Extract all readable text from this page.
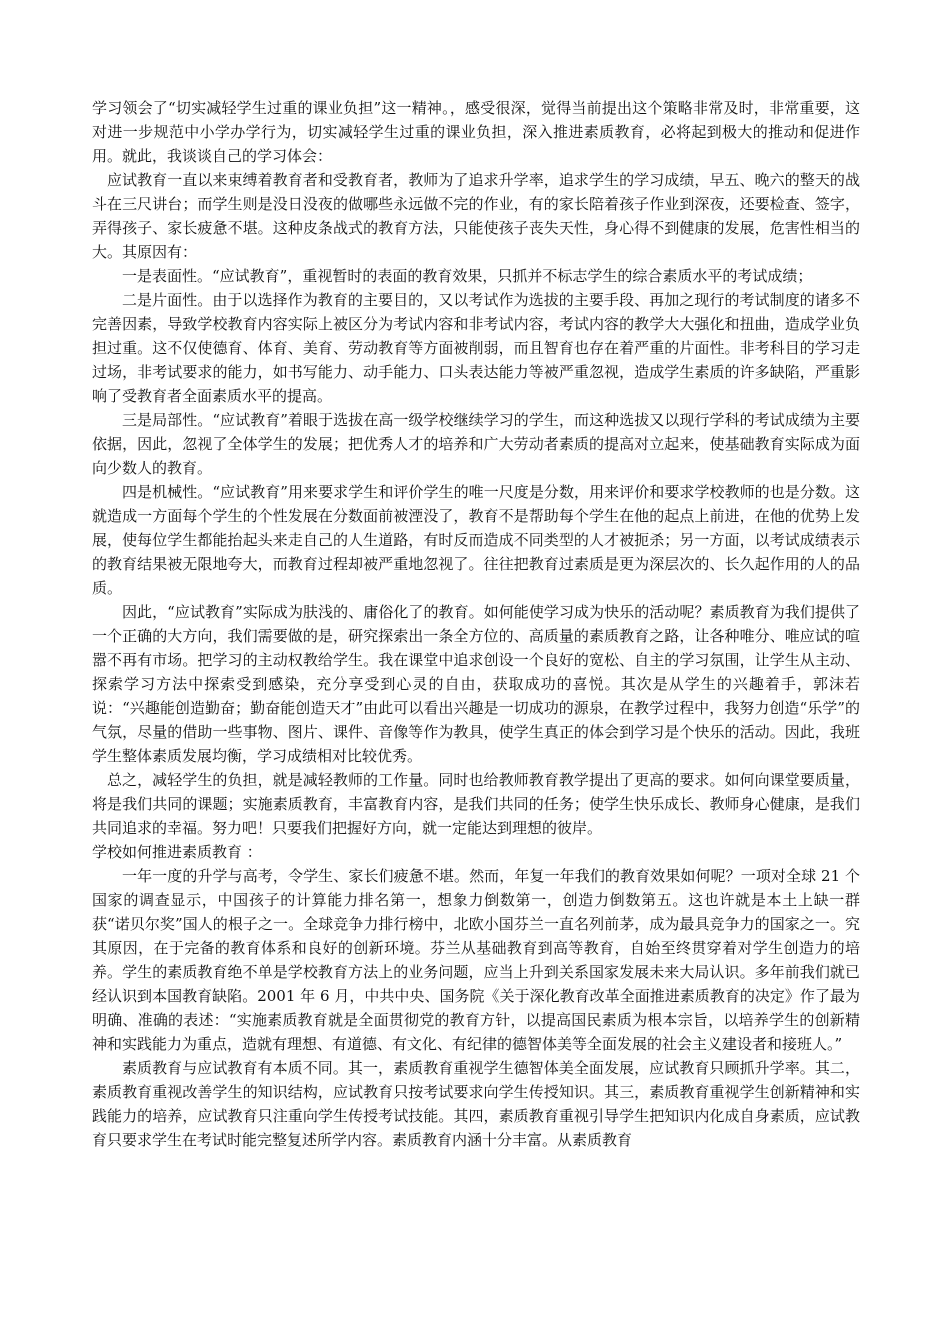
学习领会了“切实减轻学生过重的课业负担”这一精神。，感受很深，觉得当前提出这个策略非常及时，非常重要，这对进一步规范中小学办学行为，切实减轻学生过重的课业负担，深入推进素质教育，必将起到极大的推动和促进作用。就此，我谈谈自己的学习体会：

应试教育一直以来束缚着教育者和受教育者，教师为了追求升学率，追求学生的学习成绩，早五、晚六的整天的战斗在三尺讲台；而学生则是没日没夜的做哪些永远做不完的作业，有的家长陪着孩子作业到深夜，还要检查、签字，弄得孩子、家长疲惫不堪。这种皮条战式的教育方法，只能使孩子丧失天性，身心得不到健康的发展，危害性相当的大。其原因有：

一是表面性。“应试教育”，重视暂时的表面的教育效果，只抓并不标志学生的综合素质水平的考试成绩；

二是片面性。由于以选择作为教育的主要目的，又以考试作为选拔的主要手段、再加之现行的考试制度的诸多不完善因素，导致学校教育内容实际上被区分为考试内容和非考试内容，考试内容的教学大大强化和扭曲，造成学业负担过重。这不仅使德育、体育、美育、劳动教育等方面被削弱，而且智育也存在着严重的片面性。非考科目的学习走过场，非考试要求的能力，如书写能力、动手能力、口头表达能力等被严重忽视，造成学生素质的许多缺陷，严重影响了受教育者全面素质水平的提高。

三是局部性。“应试教育”着眼于选拔在高一级学校继续学习的学生，而这种选拔又以现行学科的考试成绩为主要依据，因此，忽视了全体学生的发展；把优秀人才的培养和广大劳动者素质的提高对立起来，使基础教育实际成为面向少数人的教育。

四是机械性。“应试教育”用来要求学生和评价学生的唯一尺度是分数，用来评价和要求学校教师的也是分数。这就造成一方面每个学生的个性发展在分数面前被湮没了，教育不是帮助每个学生在他的起点上前进，在他的优势上发展，使每位学生都能抬起头来走自己的人生道路，有时反而造成不同类型的人才被扼杀；另一方面，以考试成绩表示的教育结果被无限地夸大，而教育过程却被严重地忽视了。往往把教育过素质是更为深层次的、长久起作用的人的品质。

因此，“应试教育”实际成为肤浅的、庸俗化了的教育。如何能使学习成为快乐的活动呢？素质教育为我们提供了一个正确的大方向，我们需要做的是，研究探索出一条全方位的、高质量的素质教育之路，让各种唯分、唯应试的喧嚣不再有市场。把学习的主动权教给学生。我在课堂中追求创设一个良好的宽松、自主的学习氛围，让学生从主动、探索学习方法中探索受到感染，充分享受到心灵的自由，获取成功的喜悦。其次是从学生的兴趣着手，郭沫若说：“兴趣能创造勤奋；勤奋能创造天才”由此可以看出兴趣是一切成功的源泉，在教学过程中，我努力创造“乐学”的气氛，尽量的借助一些事物、图片、课件、音像等作为教具，使学生真正的体会到学习是个快乐的活动。因此，我班学生整体素质发展均衡，学习成绩相对比较优秀。

总之，减轻学生的负担，就是减轻教师的工作量。同时也给教师教育教学提出了更高的要求。如何向课堂要质量，将是我们共同的课题；实施素质教育，丰富教育内容，是我们共同的任务；使学生快乐成长、教师身心健康，是我们共同追求的幸福。努力吧！只要我们把握好方向，就一定能达到理想的彼岸。

学校如何推进素质教育 ：

一年一度的升学与高考，令学生、家长们疲惫不堪。然而，年复一年我们的教育效果如何呢？一项对全球 21 个国家的调查显示，中国孩子的计算能力排名第一，想象力倒数第一，创造力倒数第五。这也许就是本土上缺一群获“诺贝尔奖”国人的根子之一。全球竞争力排行榜中，北欧小国芬兰一直名列前茅，成为最具竞争力的国家之一。究其原因，在于完备的教育体系和良好的创新环境。芬兰从基础教育到高等教育，自始至终贯穿着对学生创造力的培养。学生的素质教育绝不单是学校教育方法上的业务问题，应当上升到关系国家发展未来大局认识。多年前我们就已经认识到本国教育缺陷。2001 年 6 月，中共中央、国务院《关于深化教育改革全面推进素质教育的决定》作了最为明确、准确的表述：“实施素质教育就是全面贯彻党的教育方针，以提高国民素质为根本宗旨，以培养学生的创新精神和实践能力为重点，造就有理想、有道德、有文化、有纪律的德智体美等全面发展的社会主义建设者和接班人。”

素质教育与应试教育有本质不同。其一，素质教育重视学生德智体美全面发展，应试教育只顾抓升学率。其二，素质教育重视改善学生的知识结构，应试教育只按考试要求向学生传授知识。其三，素质教育重视学生创新精神和实践能力的培养，应试教育只注重向学生传授考试技能。其四，素质教育重视引导学生把知识内化成自身素质，应试教育只要求学生在考试时能完整复述所学内容。素质教育内涵十分丰富。从素质教育
